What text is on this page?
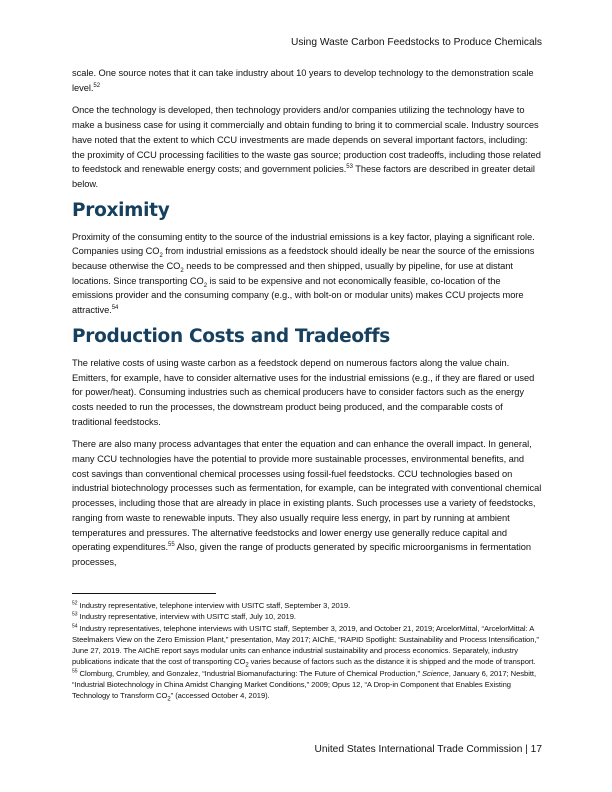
Using Waste Carbon Feedstocks to Produce Chemicals

scale. One source notes that it can take industry about 10 years to develop technology to the demonstration scale level.$^{52}$

Once the technology is developed, then technology providers and/or companies utilizing the technology have to make a business case for using it commercially and obtain funding to bring it to commercial scale. Industry sources have noted that the extent to which CCU investments are made depends on several important factors, including: the proximity of CCU processing facilities to the waste gas source; production cost tradeoffs, including those related to feedstock and renewable energy costs; and government policies.$^{53}$ These factors are described in greater detail below.

Proximity

Proximity of the consuming entity to the source of the industrial emissions is a key factor, playing a significant role. Companies using $CO_2$ from industrial emissions as a feedstock should ideally be near the source of the emissions because otherwise the $CO_2$ needs to be compressed and then shipped, usually by pipeline, for use at distant locations. Since transporting $CO_2$ is said to be expensive and not economically feasible, co-location of the emissions provider and the consuming company (e.g., with bolt-on or modular units) makes CCU projects more attractive.$^{54}$

Production Costs and Tradeoffs

The relative costs of using waste carbon as a feedstock depend on numerous factors along the value chain. Emitters, for example, have to consider alternative uses for the industrial emissions (e.g., if they are flared or used for power/heat). Consuming industries such as chemical producers have to consider factors such as the energy costs needed to run the processes, the downstream product being produced, and the comparable costs of traditional feedstocks.

There are also many process advantages that enter the equation and can enhance the overall impact. In general, many CCU technologies have the potential to provide more sustainable processes, environmental benefits, and cost savings than conventional chemical processes using fossil-fuel feedstocks. CCU technologies based on industrial biotechnology processes such as fermentation, for example, can be integrated with conventional chemical processes, including those that are already in place in existing plants. Such processes use a variety of feedstocks, ranging from waste to renewable inputs. They also usually require less energy, in part by running at ambient temperatures and pressures. The alternative feedstocks and lower energy use generally reduce capital and operating expenditures.$^{55}$ Also, given the range of products generated by specific microorganisms in fermentation processes,

$^{52}$ Industry representative, telephone interview with USITC staff, September 3, 2019.

$^{53}$ Industry representative, interview with USITC staff, July 10, 2019.

$^{54}$ Industry representatives, telephone interviews with USITC staff, September 3, 2019, and October 21, 2019; ArcelorMittal, “ArcelorMittal: A Steelmakers View on the Zero Emission Plant,” presentation, May 2017; AIChE, “RAPID Spotlight: Sustainability and Process Intensification,” June 27, 2019. The AIChE report says modular units can enhance industrial sustainability and process economics. Separately, industry publications indicate that the cost of transporting $CO_2$ varies because of factors such as the distance it is shipped and the mode of transport.

$^{55}$ Clomburg, Crumbley, and Gonzalez, “Industrial Biomanufacturing: The Future of Chemical Production,” Science, January 6, 2017; Nesbitt, “Industrial Biotechnology in China Amidst Changing Market Conditions,” 2009; Opus 12, “A Drop-in Component that Enables Existing Technology to Transform $CO_2$” (accessed October 4, 2019).

United States International Trade Commission | 17
